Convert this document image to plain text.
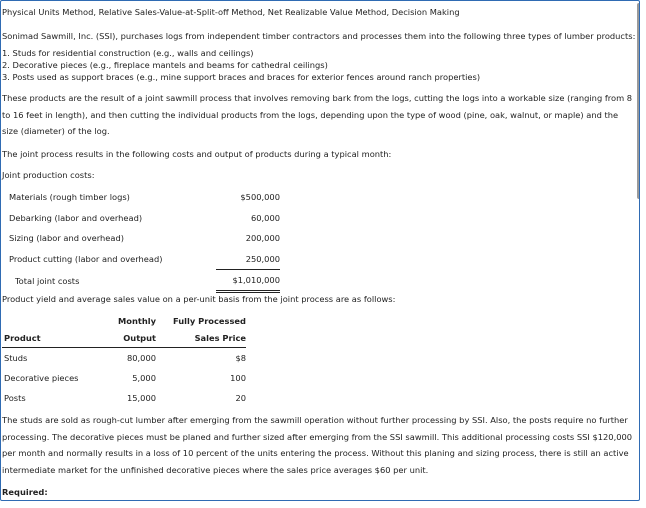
Physical Units Method, Relative Sales-Value-at-Split-off Method, Net Realizable Value Method, Decision Making
Sonimad Sawmill, Inc. (SSI), purchases logs from independent timber contractors and processes them into the following three types of lumber products:
1. Studs for residential construction (e.g., walls and ceilings)
2. Decorative pieces (e.g., fireplace mantels and beams for cathedral ceilings)
3. Posts used as support braces (e.g., mine support braces and braces for exterior fences around ranch properties)
These products are the result of a joint sawmill process that involves removing bark from the logs, cutting the logs into a workable size (ranging from 8 to 16 feet in length), and then cutting the individual products from the logs, depending upon the type of wood (pine, oak, walnut, or maple) and the size (diameter) of the log.
The joint process results in the following costs and output of products during a typical month:
Joint production costs:
Materials (rough timber logs)	$500,000
Debarking (labor and overhead)	60,000
Sizing (labor and overhead)	200,000
Product cutting (labor and overhead)	250,000
Total joint costs	$1,010,000
Product yield and average sales value on a per-unit basis from the joint process are as follows:
	Monthly	Fully Processed
Product	Output	Sales Price
Studs	80,000	$8
Decorative pieces	5,000	100
Posts	15,000	20
The studs are sold as rough-cut lumber after emerging from the sawmill operation without further processing by SSI. Also, the posts require no further processing. The decorative pieces must be planed and further sized after emerging from the SSI sawmill. This additional processing costs SSI $120,000 per month and normally results in a loss of 10 percent of the units entering the process. Without this planing and sizing process, there is still an active intermediate market for the unfinished decorative pieces where the sales price averages $60 per unit.
Required:
